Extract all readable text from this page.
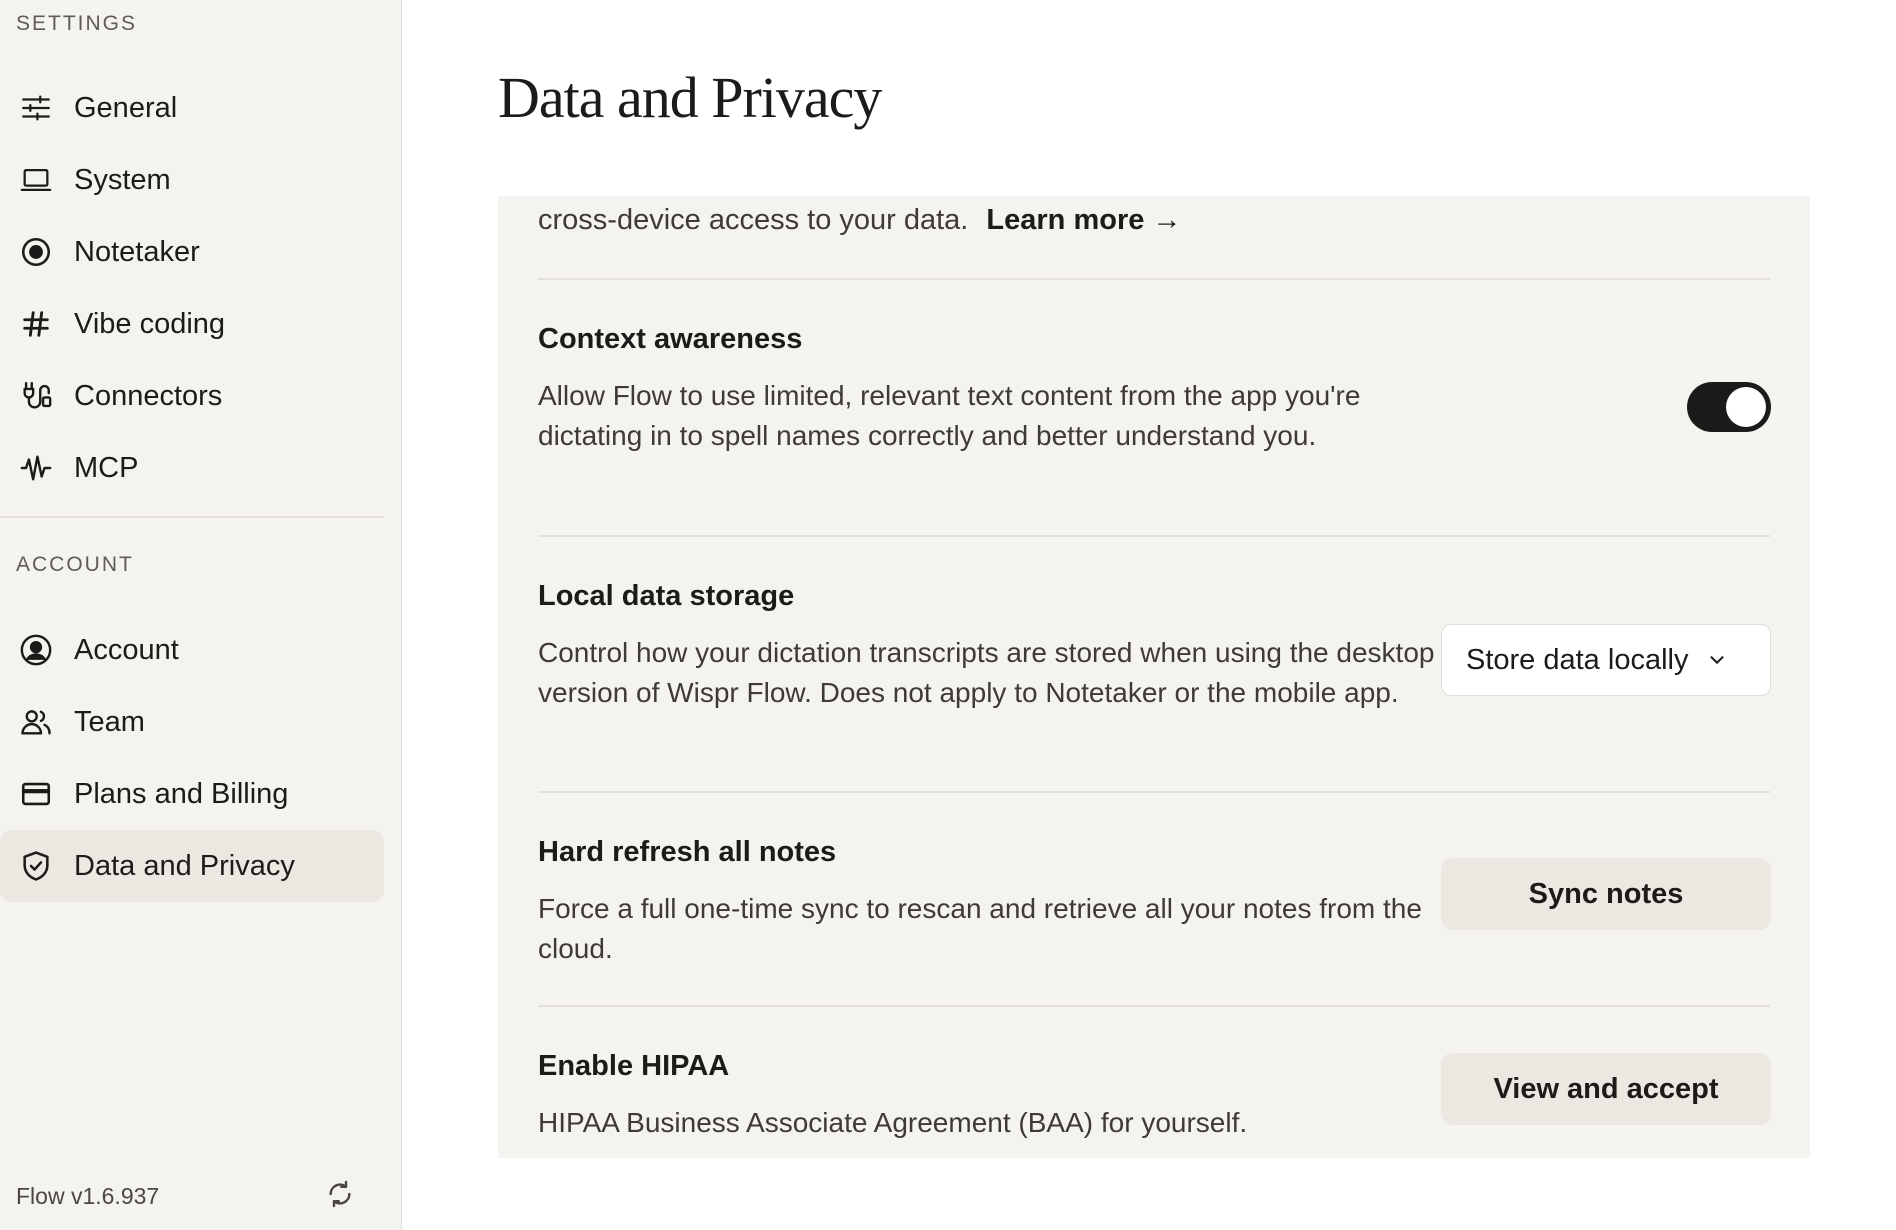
SETTINGS
General
System
Notetaker
Vibe coding
Connectors
MCP
ACCOUNT
Account
Team
Plans and Billing
Data and Privacy
Flow v1.6.937
Data and Privacy
cross-device access to your data. Learn more →
Context awareness
Allow Flow to use limited, relevant text content from the app you're dictating in to spell names correctly and better understand you.
Local data storage
Control how your dictation transcripts are stored when using the desktop version of Wispr Flow. Does not apply to Notetaker or the mobile app.
Store data locally
Hard refresh all notes
Force a full one-time sync to rescan and retrieve all your notes from the cloud.
Sync notes
Enable HIPAA
HIPAA Business Associate Agreement (BAA) for yourself.
View and accept
